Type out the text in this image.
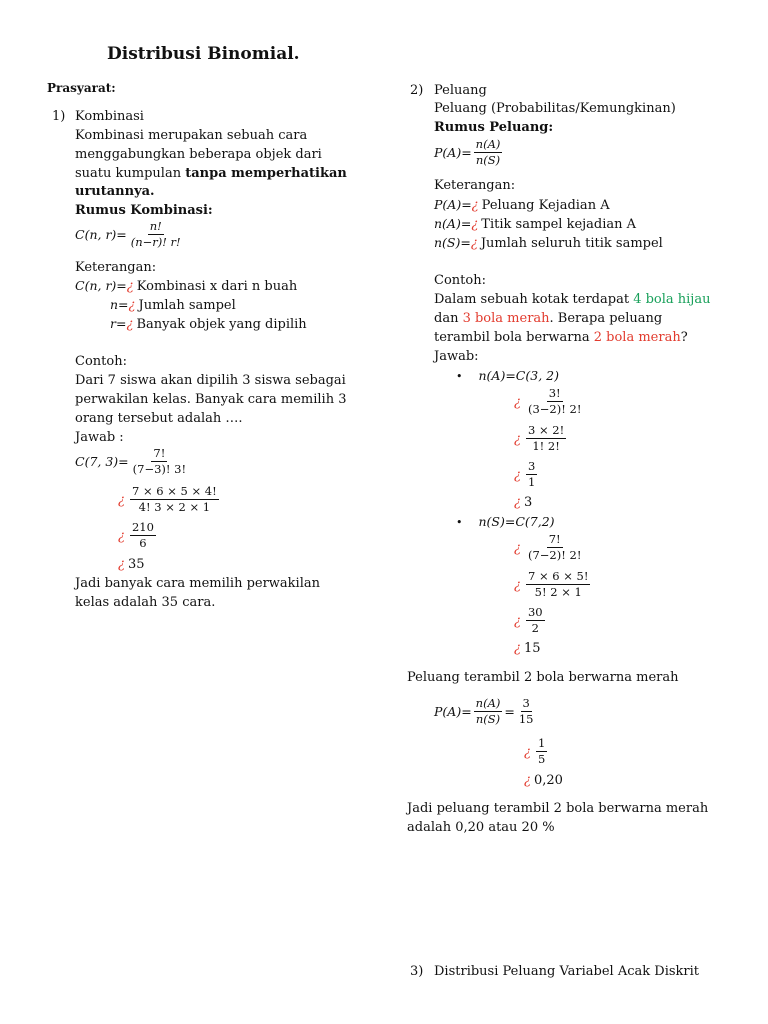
Distribusi Binomial.
Prasyarat:
1) Kombinasi
Kombinasi merupakan sebuah cara
menggabungkan beberapa objek dari
suatu kumpulan tanpa memperhatikan
urutannya.
Rumus Kombinasi:
C(n, $r)= \frac{n!}{(n-r)! r!}$
Keterangan:
C(n, r)=¿ Kombinasi x dari n buah
n=¿ Jumlah sampel
r=¿ Banyak objek yang dipilih
Contoh:
Dari 7 siswa akan dipilih 3 siswa sebagai
perwakilan kelas. Banyak cara memilih 3
orang tersebut adalah ….
Jawab :
C(7, $3)= \frac{7!}{(7-3)! 3!}$
¿ $\frac{7 \times 6 \times 5 \times 4!}{4! 3 \times 2 \times 1}$
¿ $\frac{210}{6}$
¿ 35
Jadi banyak cara memilih perwakilan
kelas adalah 35 cara.
2) Peluang
Peluang (Probabilitas/Kemungkinan)
Rumus Peluang:
$P(A)= \frac{n(A)}{n(S)}$
Keterangan:
P(A)=¿ Peluang Kejadian A
n(A)=¿ Titik sampel kejadian A
n(S)=¿ Jumlah seluruh titik sampel
Contoh:
Dalam sebuah kotak terdapat 4 bola hijau
dan 3 bola merah. Berapa peluang
terambil bola berwarna 2 bola merah?
Jawab:
• n(A)=C(3, 2)
¿ $\frac{3!}{(3-2)! 2!}$
¿ $\frac{3 \times 2!}{1! 2!}$
¿ $\frac{3}{1}$
¿ 3
• n(S)=C(7,2)
¿ $\frac{7!}{(7-2)! 2!}$
¿ $\frac{7 \times 6 \times 5!}{5! 2 \times 1}$
¿ $\frac{30}{2}$
¿ 15
Peluang terambil 2 bola berwarna merah
$P(A)= \frac{n(A)}{n(S)} = \frac{3}{15}$
¿ $\frac{1}{5}$
¿ 0,20
Jadi peluang terambil 2 bola berwarna merah
adalah 0,20 atau 20 %
3) Distribusi Peluang Variabel Acak Diskrit
